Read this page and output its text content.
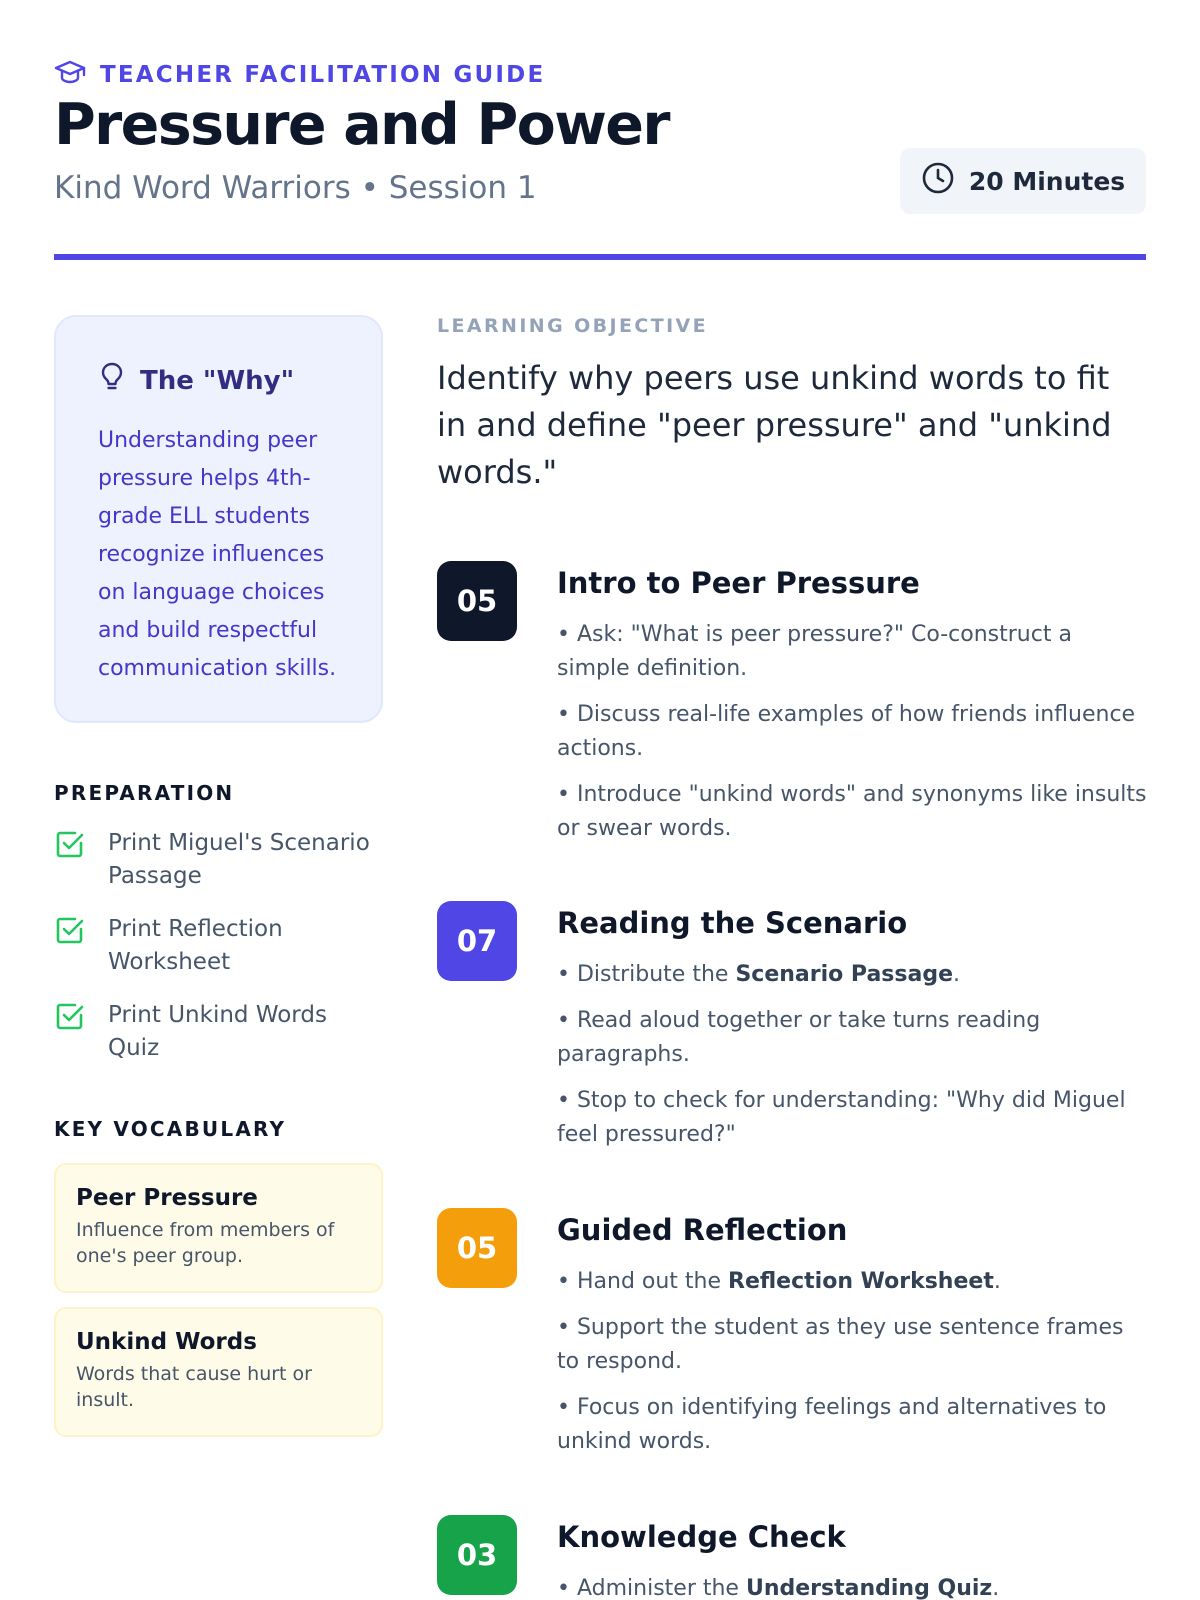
TEACHER FACILITATION GUIDE
Pressure and Power
Kind Word Warriors • Session 1	20 Minutes
The "Why"
Understanding peer pressure helps 4th-grade ELL students recognize influences on language choices and build respectful communication skills.
PREPARATION
Print Miguel's Scenario Passage
Print Reflection Worksheet
Print Unkind Words Quiz
KEY VOCABULARY
Peer Pressure
Influence from members of one's peer group.
Unkind Words
Words that cause hurt or insult.
LEARNING OBJECTIVE
Identify why peers use unkind words to fit in and define "peer pressure" and "unkind words."
05
Intro to Peer Pressure
• Ask: "What is peer pressure?" Co-construct a simple definition.
• Discuss real-life examples of how friends influence actions.
• Introduce "unkind words" and synonyms like insults or swear words.
07
Reading the Scenario
• Distribute the Scenario Passage.
• Read aloud together or take turns reading paragraphs.
• Stop to check for understanding: "Why did Miguel feel pressured?"
05
Guided Reflection
• Hand out the Reflection Worksheet.
• Support the student as they use sentence frames to respond.
• Focus on identifying feelings and alternatives to unkind words.
03
Knowledge Check
• Administer the Understanding Quiz.
